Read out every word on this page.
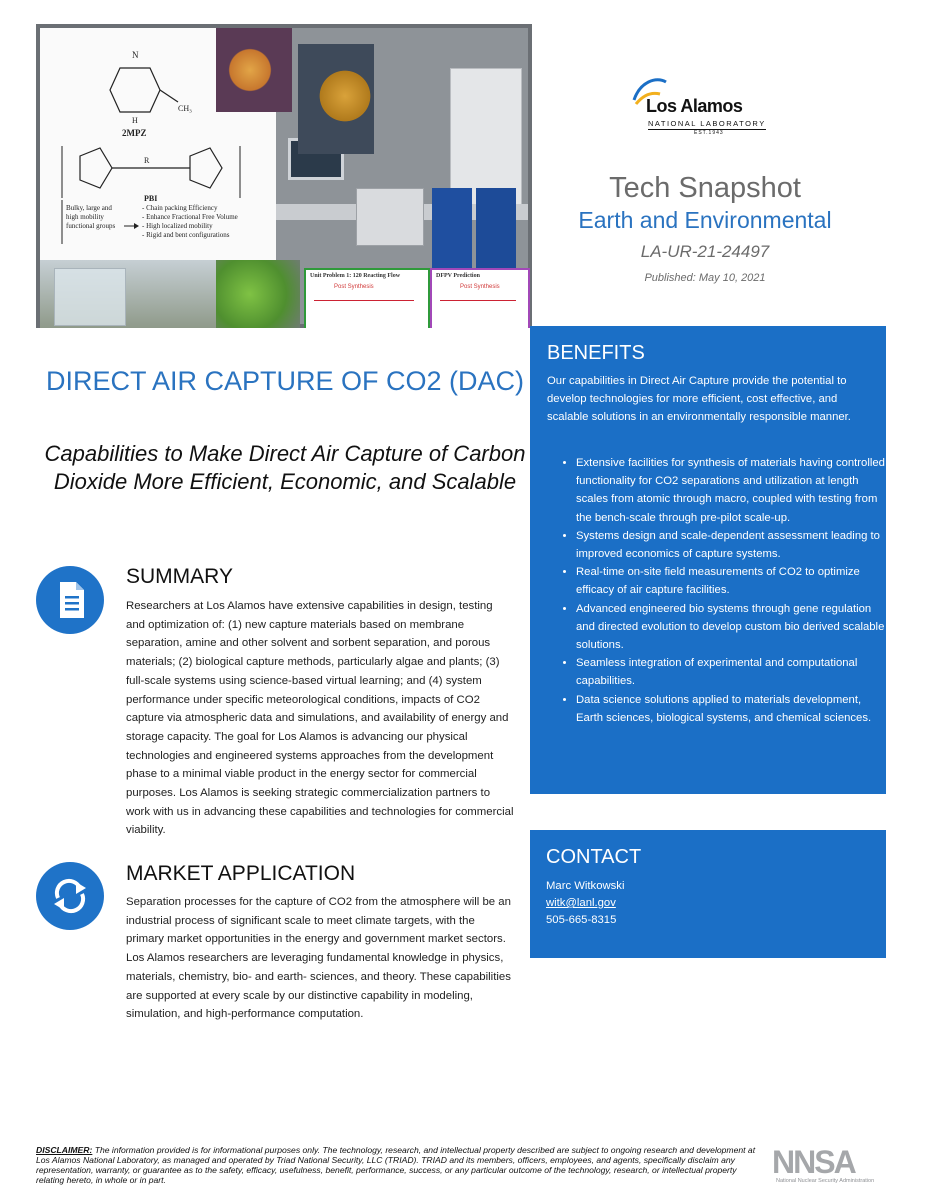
N
CH₃
H
2MPZ
R
PBI
Bulky, large and high mobility functional groups
- Chain packing Efficiency
- Enhance Fractional Free Volume
- High localized mobility
- Rigid and bent configurations
Unit Problem 1: 120 Reacting Flow
Post Synthesis
DFPV Prediction
Post Synthesis
Los Alamos
NATIONAL LABORATORY
EST.1943
Tech Snapshot
Earth and Environmental
LA-UR-21-24497
Published: May 10, 2021
DIRECT AIR CAPTURE OF CO2 (DAC)
Capabilities to Make Direct Air Capture of Carbon Dioxide More Efficient, Economic, and Scalable
SUMMARY
Researchers at Los Alamos have extensive capabilities in design, testing and optimization of: (1) new capture materials based on membrane separation, amine and other solvent and sorbent separation, and porous materials; (2) biological capture methods, particularly algae and plants; (3) full-scale systems using science-based virtual learning; and (4) system performance under specific meteorological conditions, impacts of CO2 capture via atmospheric data and simulations, and availability of energy and storage capacity. The goal for Los Alamos is advancing our physical technologies and engineered systems approaches from the development phase to a minimal viable product in the energy sector for commercial purposes. Los Alamos is seeking strategic commercialization partners to work with us in advancing these capabilities and technologies for commercial viability.
MARKET APPLICATION
Separation processes for the capture of CO2 from the atmosphere will be an industrial process of significant scale to meet climate targets, with the primary market opportunities in the energy and government market sectors. Los Alamos researchers are leveraging fundamental knowledge in physics, materials, chemistry, bio- and earth- sciences, and theory. These capabilities are supported at every scale by our distinctive capability in modeling, simulation, and high-performance computation.
BENEFITS
Our capabilities in Direct Air Capture provide the potential to develop technologies for more efficient, cost effective, and scalable solutions in an environmentally responsible manner.
• Extensive facilities for synthesis of materials having controlled functionality for CO2 separations and utilization at length scales from atomic through macro, coupled with testing from the bench-scale through pre-pilot scale-up.
• Systems design and scale-dependent assessment leading to improved economics of capture systems.
• Real-time on-site field measurements of CO2 to optimize efficacy of air capture facilities.
• Advanced engineered bio systems through gene regulation and directed evolution to develop custom bio derived scalable solutions.
• Seamless integration of experimental and computational capabilities.
• Data science solutions applied to materials development, Earth sciences, biological systems, and chemical sciences.
CONTACT
Marc Witkowski
witk@lanl.gov
505-665-8315
DISCLAIMER: The information provided is for informational purposes only. The technology, research, and intellectual property described are subject to ongoing research and development at Los Alamos National Laboratory, as managed and operated by Triad National Security, LLC (TRIAD). TRIAD and its members, officers, employees, and agents, specifically disclaim any representation, warranty, or guarantee as to the safety, efficacy, usefulness, benefit, performance, success, or any particular outcome of the technology, research, or intellectual property relating hereto, in whole or in part.	NNSA
National Nuclear Security Administration
